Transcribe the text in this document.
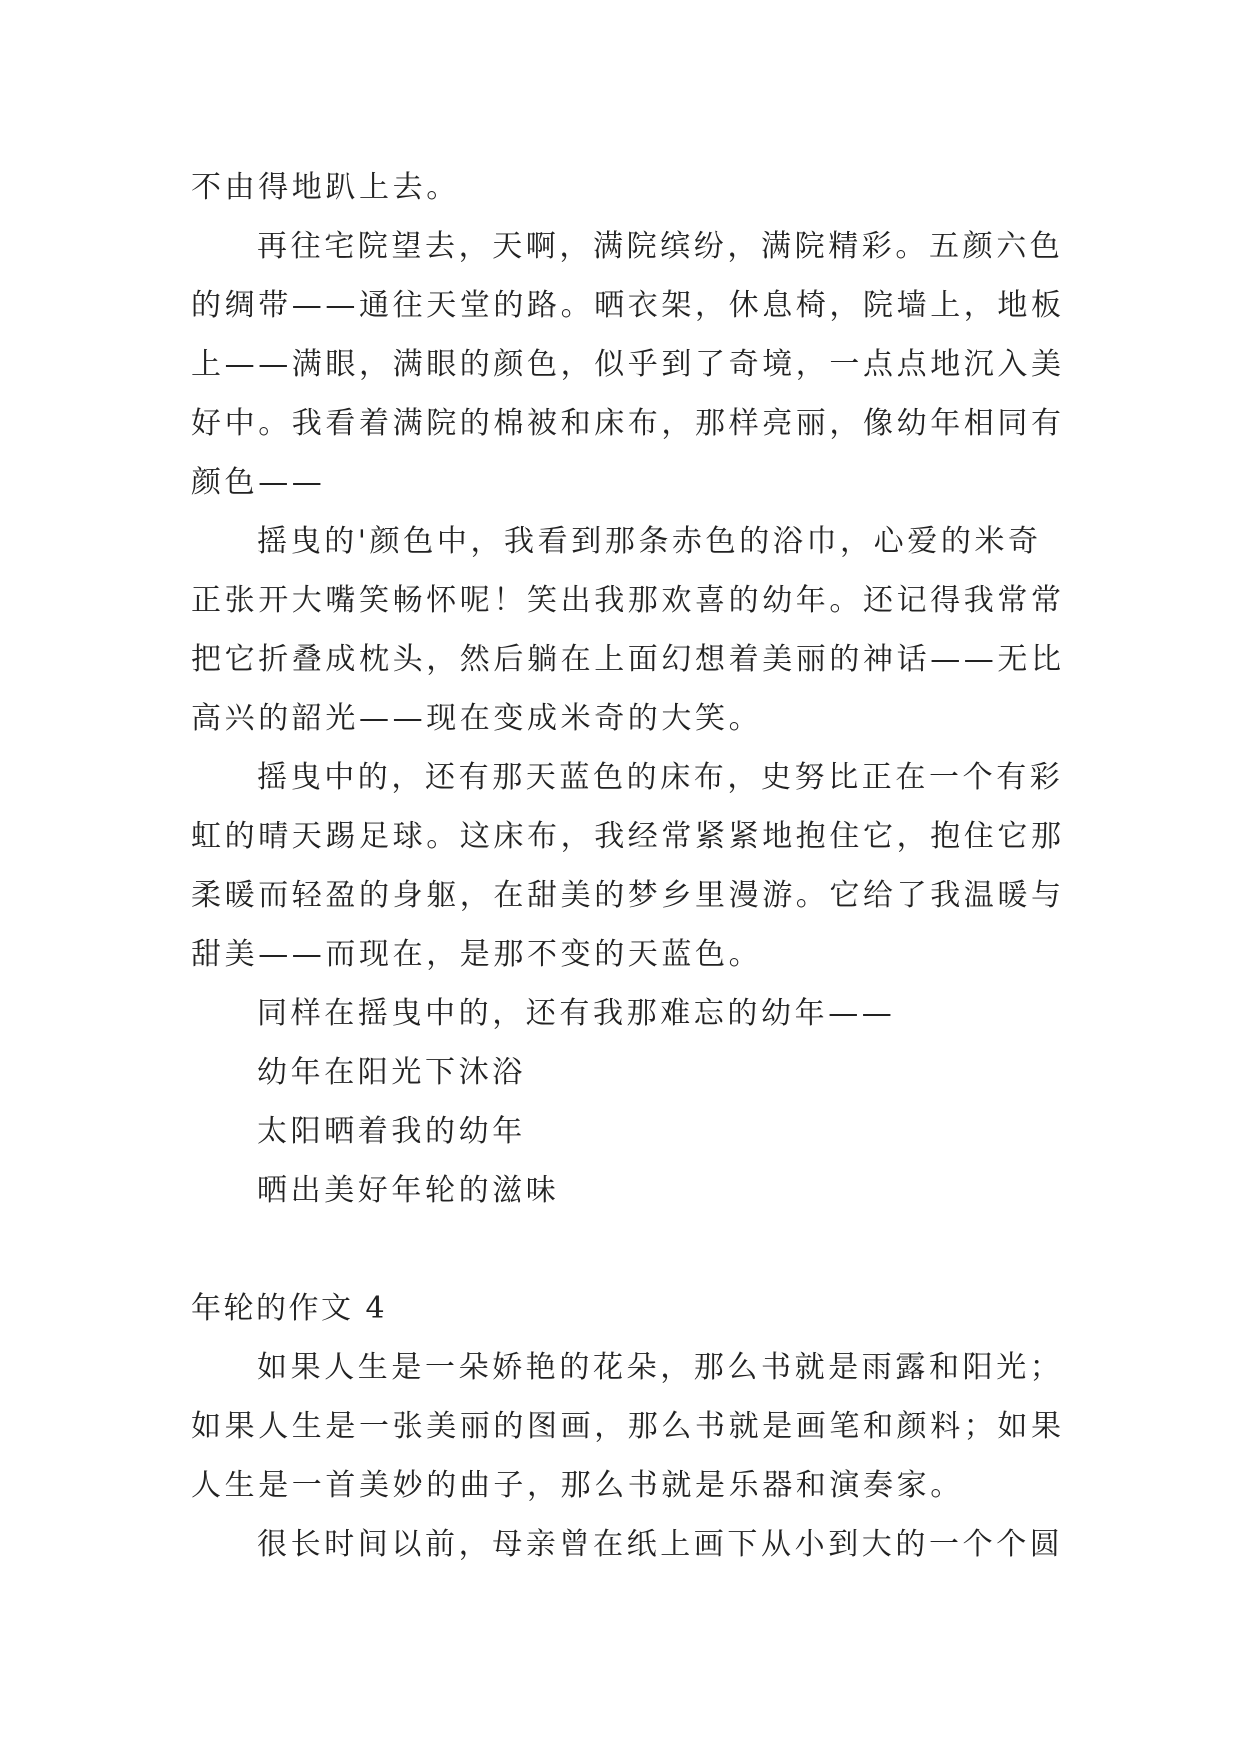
不由得地趴上去。
再往宅院望去，天啊，满院缤纷，满院精彩。五颜六色
的绸带——通往天堂的路。晒衣架，休息椅，院墙上，地板
上——满眼，满眼的颜色，似乎到了奇境，一点点地沉入美
好中。我看着满院的棉被和床布，那样亮丽，像幼年相同有
颜色——
摇曳的'颜色中，我看到那条赤色的浴巾，心爱的米奇
正张开大嘴笑畅怀呢！笑出我那欢喜的幼年。还记得我常常
把它折叠成枕头，然后躺在上面幻想着美丽的神话——无比
高兴的韶光——现在变成米奇的大笑。
摇曳中的，还有那天蓝色的床布，史努比正在一个有彩
虹的晴天踢足球。这床布，我经常紧紧地抱住它，抱住它那
柔暖而轻盈的身躯，在甜美的梦乡里漫游。它给了我温暖与
甜美——而现在，是那不变的天蓝色。
同样在摇曳中的，还有我那难忘的幼年——
幼年在阳光下沐浴
太阳晒着我的幼年
晒出美好年轮的滋味
年轮的作文 4
如果人生是一朵娇艳的花朵，那么书就是雨露和阳光；
如果人生是一张美丽的图画，那么书就是画笔和颜料；如果
人生是一首美妙的曲子，那么书就是乐器和演奏家。
很长时间以前，母亲曾在纸上画下从小到大的一个个圆
